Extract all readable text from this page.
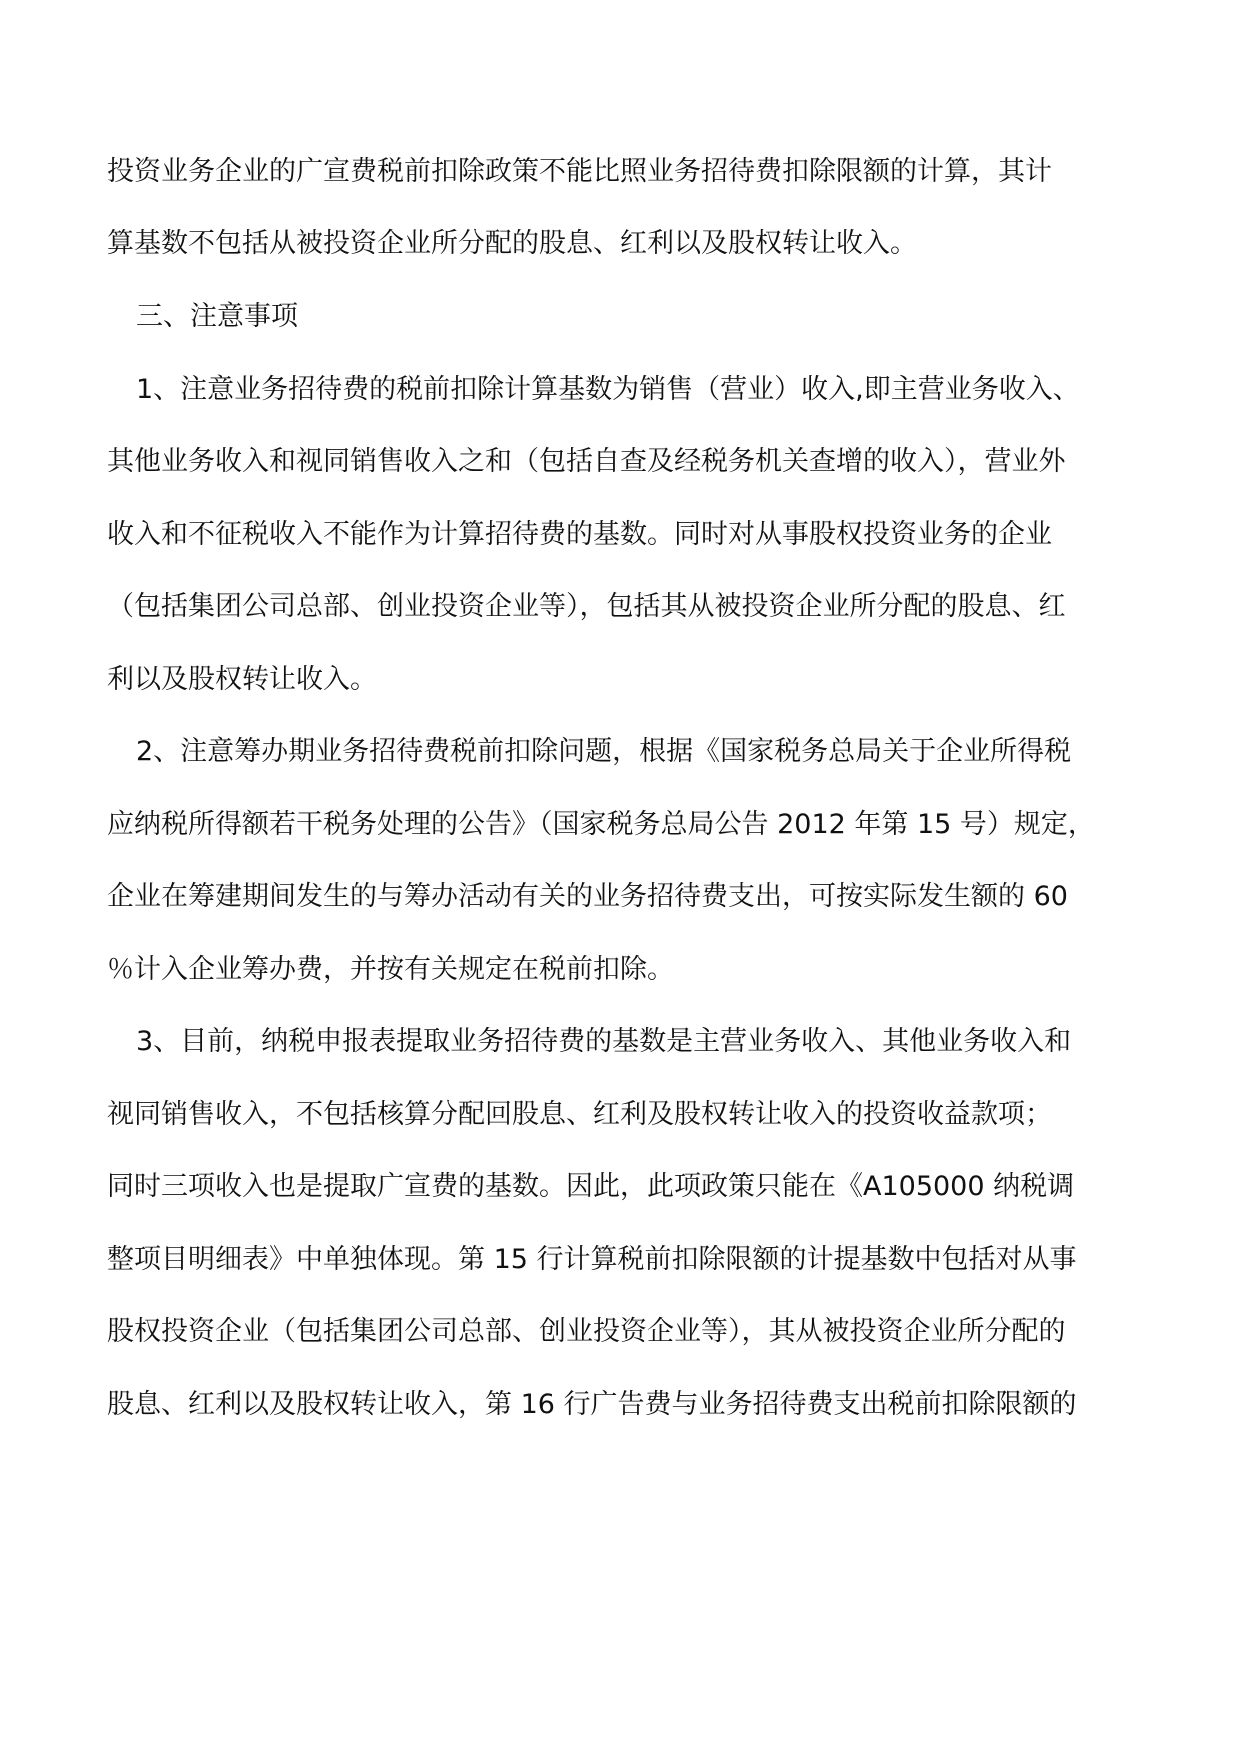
投资业务企业的广宣费税前扣除政策不能比照业务招待费扣除限额的计算，其计
算基数不包括从被投资企业所分配的股息、红利以及股权转让收入。
三、注意事项
1、注意业务招待费的税前扣除计算基数为销售（营业）收入,即主营业务收入、
其他业务收入和视同销售收入之和（包括自查及经税务机关查增的收入），营业外
收入和不征税收入不能作为计算招待费的基数。同时对从事股权投资业务的企业
（包括集团公司总部、创业投资企业等），包括其从被投资企业所分配的股息、红
利以及股权转让收入。
2、注意筹办期业务招待费税前扣除问题，根据《国家税务总局关于企业所得税
应纳税所得额若干税务处理的公告》（国家税务总局公告 2012 年第 15 号）规定，
企业在筹建期间发生的与筹办活动有关的业务招待费支出，可按实际发生额的 60
％计入企业筹办费，并按有关规定在税前扣除。
3、目前，纳税申报表提取业务招待费的基数是主营业务收入、其他业务收入和
视同销售收入，不包括核算分配回股息、红利及股权转让收入的投资收益款项；
同时三项收入也是提取广宣费的基数。因此，此项政策只能在《A105000 纳税调
整项目明细表》中单独体现。第 15 行计算税前扣除限额的计提基数中包括对从事
股权投资企业（包括集团公司总部、创业投资企业等），其从被投资企业所分配的
股息、红利以及股权转让收入，第 16 行广告费与业务招待费支出税前扣除限额的
